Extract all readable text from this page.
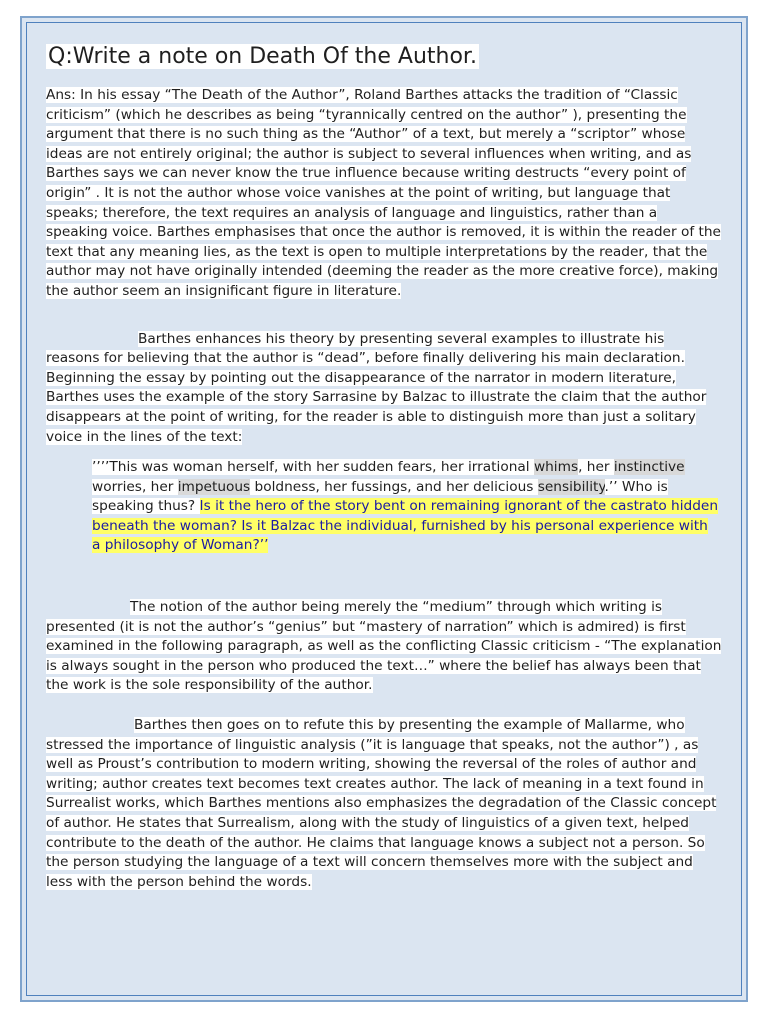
Q:Write a note on Death Of the Author.

Ans: In his essay “The Death of the Author”, Roland Barthes attacks the tradition of “Classic criticism” (which he describes as being “tyrannically centred on the author” ), presenting the argument that there is no such thing as the “Author” of a text, but merely a “scriptor” whose ideas are not entirely original; the author is subject to several influences when writing, and as Barthes says we can never know the true influence because writing destructs “every point of origin” . It is not the author whose voice vanishes at the point of writing, but language that speaks; therefore, the text requires an analysis of language and linguistics, rather than a speaking voice. Barthes emphasises that once the author is removed, it is within the reader of the text that any meaning lies, as the text is open to multiple interpretations by the reader, that the author may not have originally intended (deeming the reader as the more creative force), making the author seem an insignificant figure in literature.

Barthes enhances his theory by presenting several examples to illustrate his reasons for believing that the author is “dead”, before finally delivering his main declaration. Beginning the essay by pointing out the disappearance of the narrator in modern literature, Barthes uses the example of the story Sarrasine by Balzac to illustrate the claim that the author disappears at the point of writing, for the reader is able to distinguish more than just a solitary voice in the lines of the text:

’’’’This was woman herself, with her sudden fears, her irrational whims, her instinctive worries, her impetuous boldness, her fussings, and her delicious sensibility.’’ Who is speaking thus? Is it the hero of the story bent on remaining ignorant of the castrato hidden beneath the woman? Is it Balzac the individual, furnished by his personal experience with a philosophy of Woman?’’

The notion of the author being merely the “medium” through which writing is presented (it is not the author’s “genius” but “mastery of narration” which is admired) is first examined in the following paragraph, as well as the conflicting Classic criticism - “The explanation is always sought in the person who produced the text…” where the belief has always been that the work is the sole responsibility of the author.

Barthes then goes on to refute this by presenting the example of Mallarme, who stressed the importance of linguistic analysis (”it is language that speaks, not the author”) , as well as Proust’s contribution to modern writing, showing the reversal of the roles of author and writing; author creates text becomes text creates author. The lack of meaning in a text found in Surrealist works, which Barthes mentions also emphasizes the degradation of the Classic concept of author. He states that Surrealism, along with the study of linguistics of a given text, helped contribute to the death of the author. He claims that language knows a subject not a person. So the person studying the language of a text will concern themselves more with the subject and less with the person behind the words.
